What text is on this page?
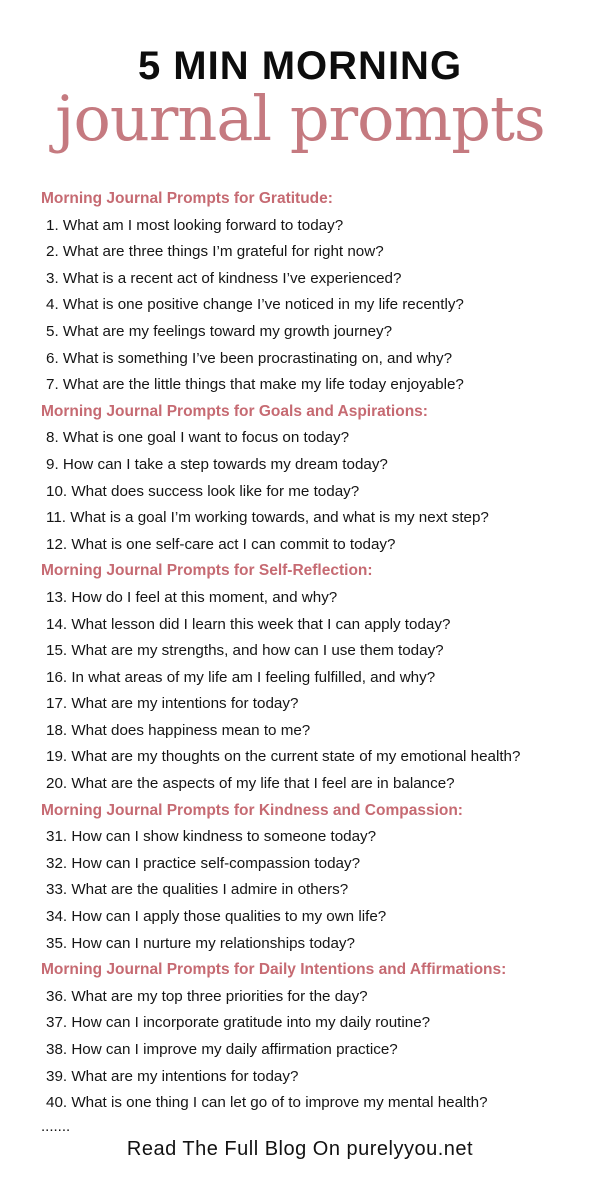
5 MIN MORNING
journal prompts
Morning Journal Prompts for Gratitude:
1. What am I most looking forward to today?
2. What are three things I’m grateful for right now?
3. What is a recent act of kindness I’ve experienced?
4. What is one positive change I’ve noticed in my life recently?
5. What are my feelings toward my growth journey?
6. What is something I’ve been procrastinating on, and why?
7. What are the little things that make my life today enjoyable?
Morning Journal Prompts for Goals and Aspirations:
8. What is one goal I want to focus on today?
9. How can I take a step towards my dream today?
10. What does success look like for me today?
11. What is a goal I’m working towards, and what is my next step?
12. What is one self-care act I can commit to today?
Morning Journal Prompts for Self-Reflection:
13. How do I feel at this moment, and why?
14. What lesson did I learn this week that I can apply today?
15. What are my strengths, and how can I use them today?
16. In what areas of my life am I feeling fulfilled, and why?
17. What are my intentions for today?
18. What does happiness mean to me?
19. What are my thoughts on the current state of my emotional health?
20. What are the aspects of my life that I feel are in balance?
Morning Journal Prompts for Kindness and Compassion:
31. How can I show kindness to someone today?
32. How can I practice self-compassion today?
33. What are the qualities I admire in others?
34. How can I apply those qualities to my own life?
35. How can I nurture my relationships today?
Morning Journal Prompts for Daily Intentions and Affirmations:
36. What are my top three priorities for the day?
37. How can I incorporate gratitude into my daily routine?
38. How can I improve my daily affirmation practice?
39. What are my intentions for today?
40. What is one thing I can let go of to improve my mental health?
.......
Read The Full Blog On purelyyou.net
